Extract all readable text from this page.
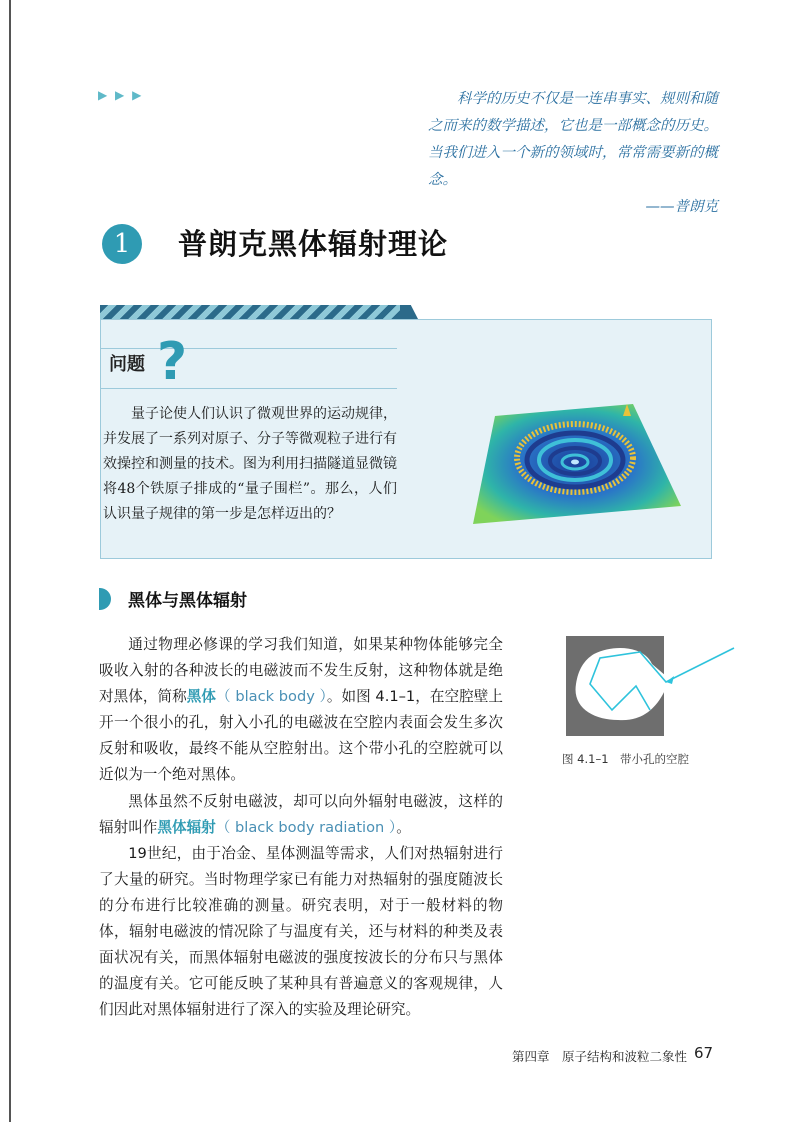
▶ ▶ ▶	科学的历史不仅是一连串事实、规则和随之而来的数学描述，它也是一部概念的历史。当我们进入一个新的领域时，常常需要新的概念。

——普朗克

1	普朗克黑体辐射理论
问题 ?

量子论使人们认识了微观世界的运动规律，并发展了一系列对原子、分子等微观粒子进行有效操控和测量的技术。图为利用扫描隧道显微镜将48个铁原子排成的“量子围栏”。那么，人们认识量子规律的第一步是怎样迈出的？

黑体与黑体辐射

通过物理必修课的学习我们知道，如果某种物体能够完全吸收入射的各种波长的电磁波而不发生反射，这种物体就是绝对黑体，简称黑体（ black body ）。如图 4.1–1，在空腔壁上开一个很小的孔，射入小孔的电磁波在空腔内表面会发生多次反射和吸收，最终不能从空腔射出。这个带小孔的空腔就可以近似为一个绝对黑体。

黑体虽然不反射电磁波，却可以向外辐射电磁波，这样的辐射叫作黑体辐射（ black body radiation ）。

19世纪，由于冶金、星体测温等需求，人们对热辐射进行了大量的研究。当时物理学家已有能力对热辐射的强度随波长的分布进行比较准确的测量。研究表明，对于一般材料的物体，辐射电磁波的情况除了与温度有关，还与材料的种类及表面状况有关，而黑体辐射电磁波的强度按波长的分布只与黑体的温度有关。它可能反映了某种具有普遍意义的客观规律，人们因此对黑体辐射进行了深入的实验及理论研究。

图 4.1–1　带小孔的空腔

第四章　原子结构和波粒二象性 67
